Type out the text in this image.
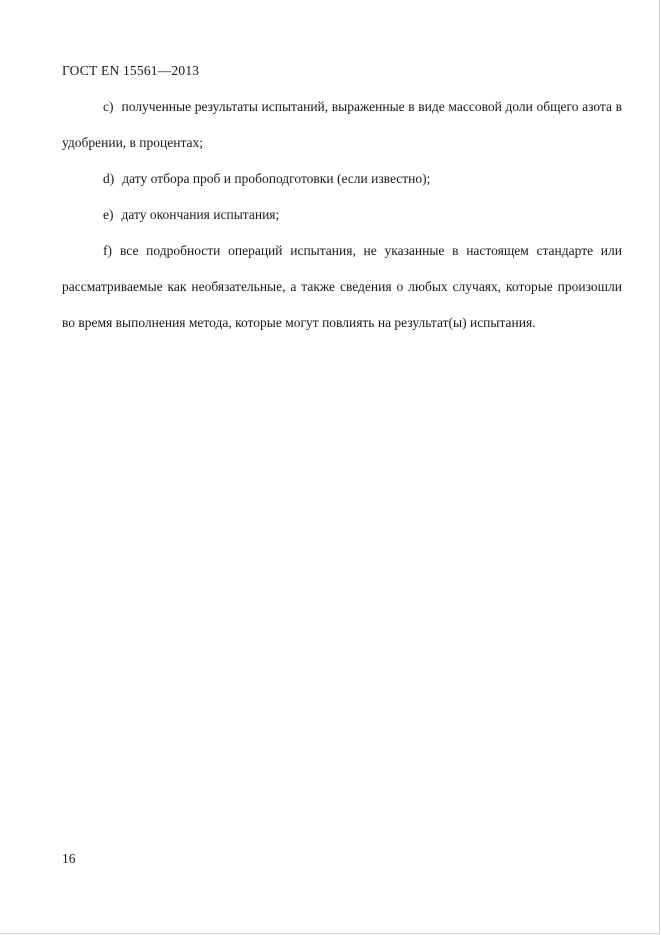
ГОСТ EN 15561—2013

c) полученные результаты испытаний, выраженные в виде массовой доли общего азота в удобрении, в процентах;

d) дату отбора проб и пробоподготовки (если известно);

e) дату окончания испытания;

f) все подробности операций испытания, не указанные в настоящем стандарте или рассматриваемые как необязательные, а также сведения о любых случаях, которые произошли во время выполнения метода, которые могут повлиять на результат(ы) испытания.

16
